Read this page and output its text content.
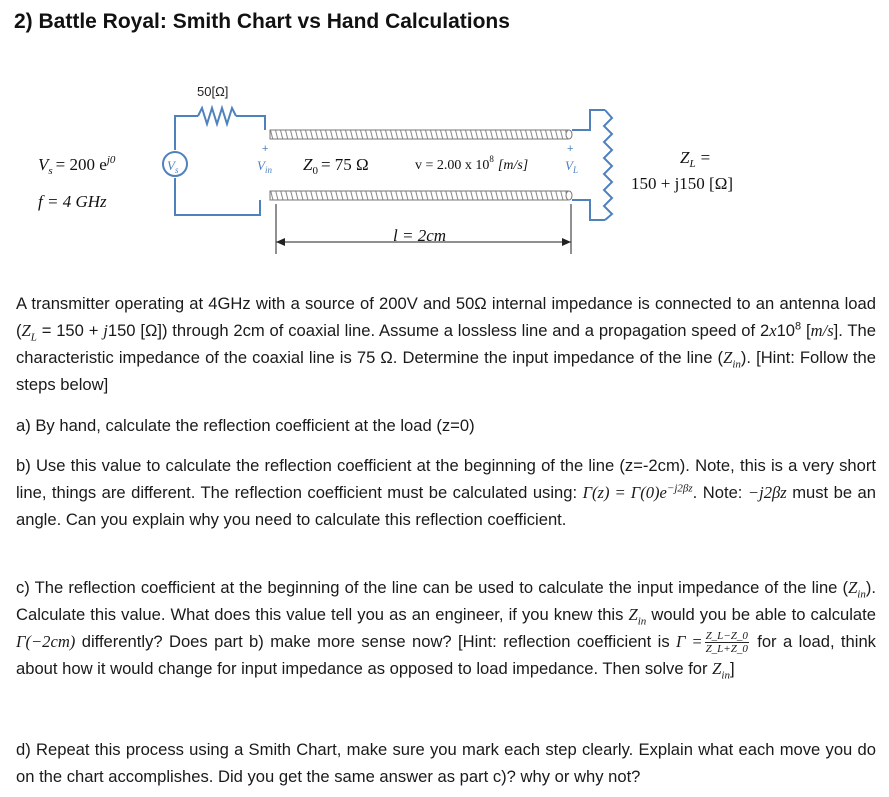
2) Battle Royal: Smith Chart vs Hand Calculations
50[Ω]
$V_s = 200$ $e^{j0}$
f = 4 GHz
$V_s$
+
$V_{in}$ $Z_0 = 75$ Ω	v = 2.00 x $10^8$ [m/s]
+
$V_L$
$Z_L$ =
150 + j150 [Ω]
l = 2cm

A transmitter operating at 4GHz with a source of 200V and 50Ω internal impedance is connected to an antenna load ($Z_L = 150 + j150$ [Ω]) through 2cm of coaxial line. Assume a lossless line and a propagation speed of $2x10^8$ [m/s]. The characteristic impedance of the coaxial line is 75 Ω. Determine the input impedance of the line $(Z_{in})$. [Hint: Follow the steps below]

a) By hand, calculate the reflection coefficient at the load (z=0)

b) Use this value to calculate the reflection coefficient at the beginning of the line (z=-2cm). Note, this is a very short line, things are different. The reflection coefficient must be calculated using: $\Gamma(z) = \Gamma(0)e^{-j2\beta z}$. Note: −j2βz must be an angle. Can you explain why you need to calculate this reflection coefficient.

c) The reflection coefficient at the beginning of the line can be used to calculate the input impedance of the line $(Z_{in})$. Calculate this value. What does this value tell you as an engineer, if you knew this $Z_{in}$ would you be able to calculate Γ(−2cm) differently? Does part b) make more sense now? [Hint: reflection coefficient is $\Gamma = \frac{Z\_L-Z\_0}{Z\_L+Z\_0}$ for a load, think about how it would change for input impedance as opposed to load impedance. Then solve for $Z_{in}$]

d) Repeat this process using a Smith Chart, make sure you mark each step clearly. Explain what each move you do on the chart accomplishes. Did you get the same answer as part c)? why or why not?
